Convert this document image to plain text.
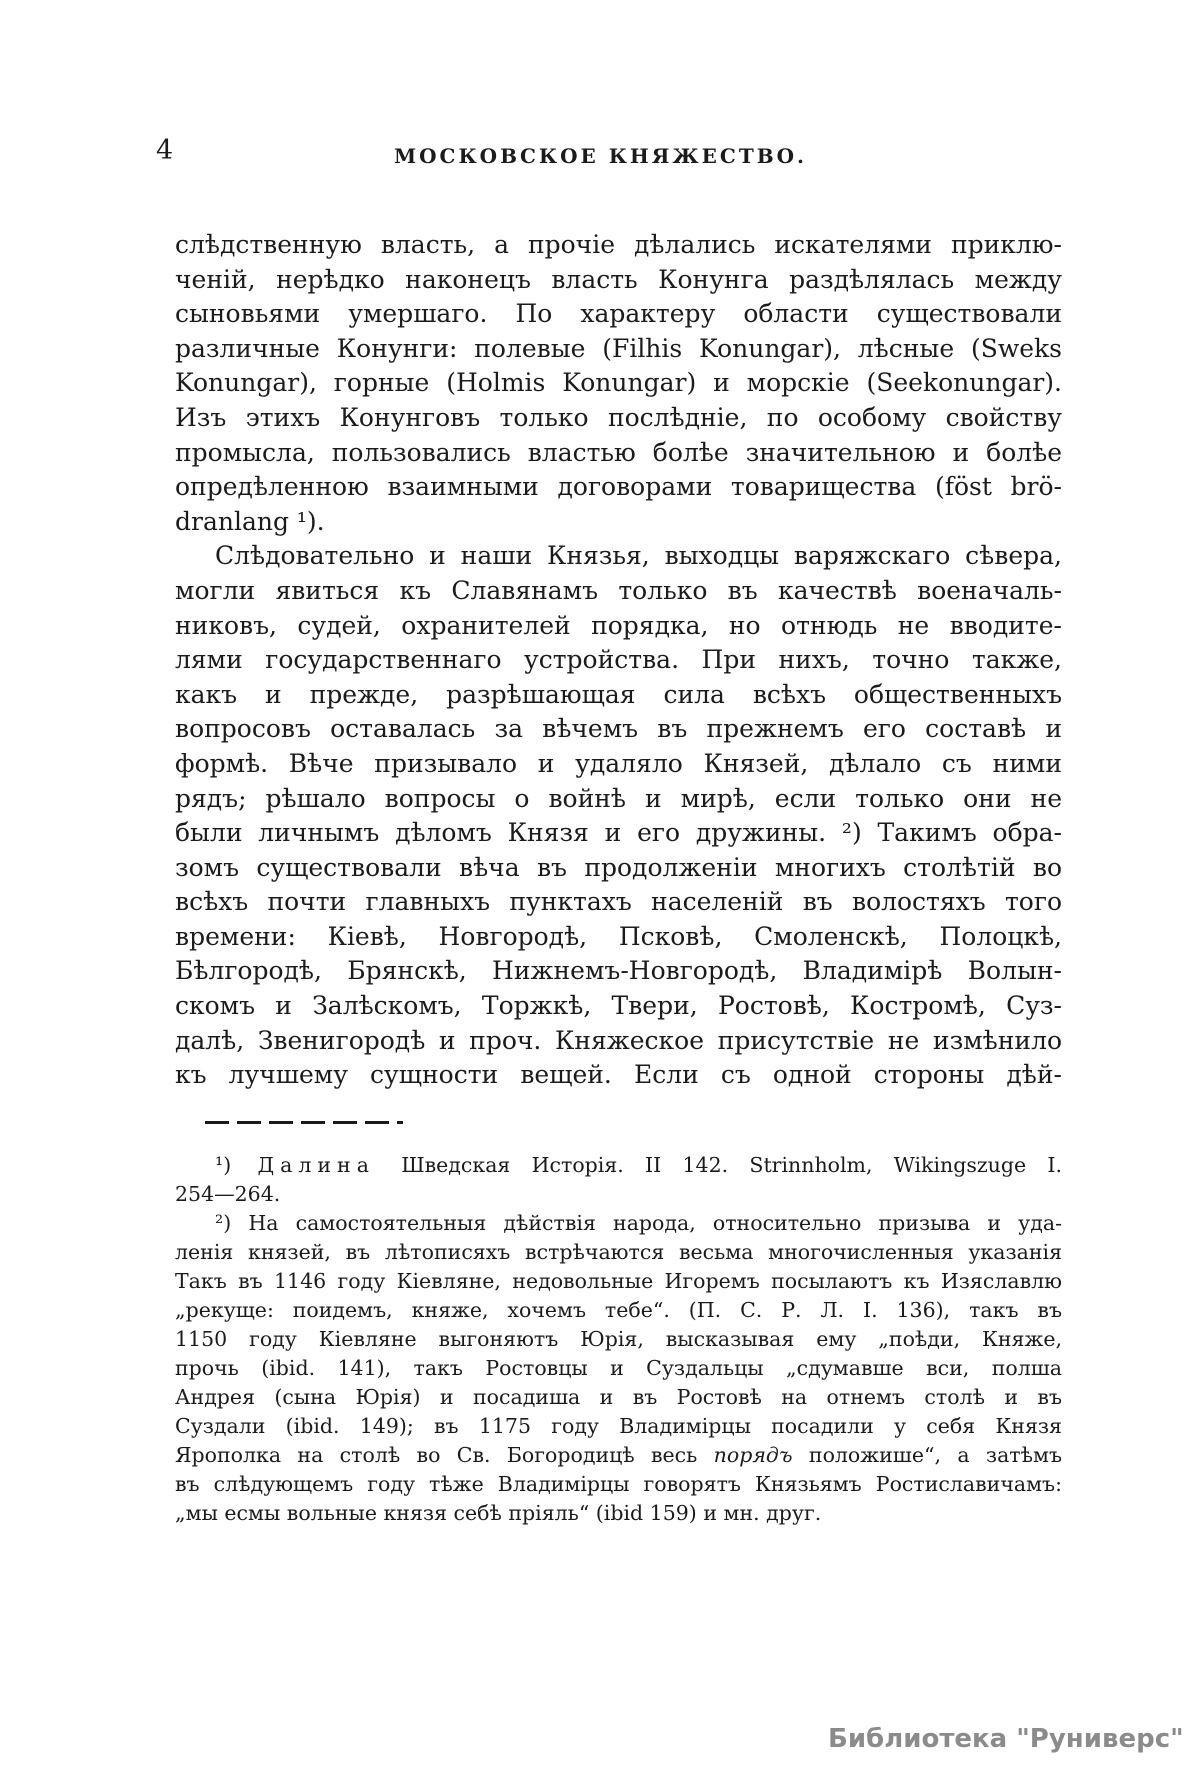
4	МОСКОВСКОЕ КНЯЖЕСТВО.
слѣдственную власть, а прочіе дѣлались искателями приклю-
ченій, нерѣдко наконецъ власть Конунга раздѣлялась между
сыновьями умершаго. По характеру области существовали
различные Конунги: полевые (Filhis Konungar), лѣсные (Sweks
Konungar), горные (Holmis Konungar) и морскіе (Seekonungar).
Изъ этихъ Конунговъ только послѣдніе, по особому свойству
промысла, пользовались властью болѣе значительною и болѣе
опредѣленною взаимными договорами товарищества (föst brö-
dranlang ¹).
Слѣдовательно и наши Князья, выходцы варяжскаго сѣвера,
могли явиться къ Славянамъ только въ качествѣ военачаль-
никовъ, судей, охранителей порядка, но отнюдь не вводите-
лями государственнаго устройства. При нихъ, точно также,
какъ и прежде, разрѣшающая сила всѣхъ общественныхъ
вопросовъ оставалась за вѣчемъ въ прежнемъ его составѣ и
формѣ. Вѣче призывало и удаляло Князей, дѣлало съ ними
рядъ; рѣшало вопросы о войнѣ и мирѣ, если только они не
были личнымъ дѣломъ Князя и его дружины. ²) Такимъ обра-
зомъ существовали вѣча въ продолженіи многихъ столѣтій во
всѣхъ почти главныхъ пунктахъ населеній въ волостяхъ того
времени: Кіевѣ, Новгородѣ, Псковѣ, Смоленскѣ, Полоцкѣ,
Бѣлгородѣ, Брянскѣ, Нижнемъ-Новгородѣ, Владимірѣ Волын-
скомъ и Залѣскомъ, Торжкѣ, Твери, Ростовѣ, Костромѣ, Суз-
далѣ, Звенигородѣ и проч. Княжеское присутствіе не измѣнило
къ лучшему сущности вещей. Если съ одной стороны дѣй-
¹) Далина Шведская Исторія. II 142. Strinnholm, Wikingszuge I.
254—264.
²) На самостоятельныя дѣйствія народа, относительно призыва и уда-
ленія князей, въ лѣтописяхъ встрѣчаются весьма многочисленныя указанія
Такъ въ 1146 году Кіевляне, недовольные Игоремъ посылаютъ къ Изяславлю
„рекуще: поидемъ, княже, хочемъ тебе“. (П. С. Р. Л. I. 136), такъ въ
1150 году Кіевляне выгоняютъ Юрія, высказывая ему „поѣди, Княже,
прочь (ibid. 141), такъ Ростовцы и Суздальцы „сдумавше вси, полша
Андрея (сына Юрія) и посадиша и въ Ростовѣ на отнемъ столѣ и въ
Суздали (ibid. 149); въ 1175 году Владимірцы посадили у себя Князя
Ярополка на столѣ во Св. Богородицѣ весь порядъ положише“, а затѣмъ
въ слѣдующемъ году тѣже Владимірцы говорятъ Князьямъ Ростиславичамъ:
„мы есмы вольные князя себѣ пріяль“ (ibid 159) и мн. друг.
Библиотека "Руниверс"
